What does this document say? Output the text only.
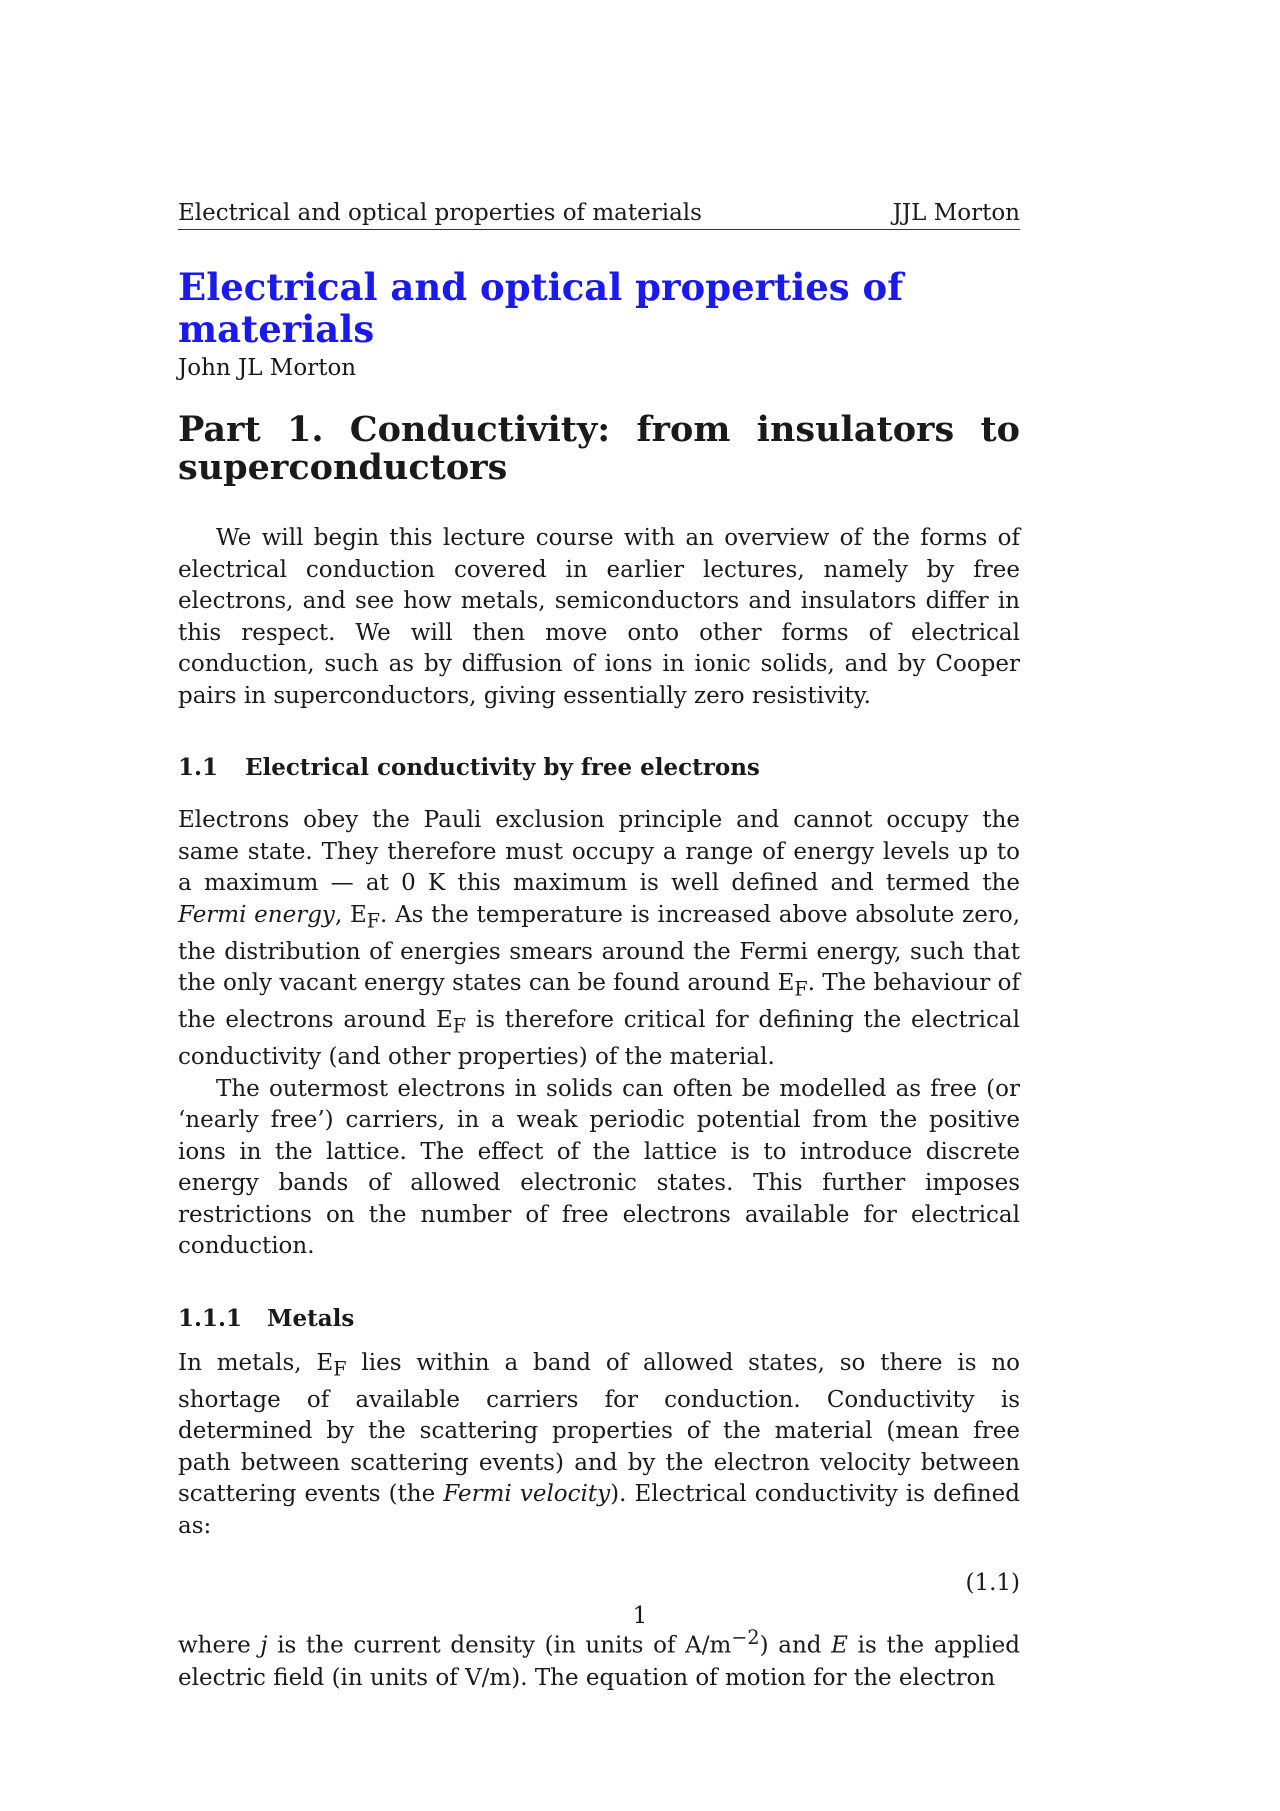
Electrical and optical properties of materials	JJL Morton
Electrical and optical properties of materials
John JL Morton
Part 1. Conductivity: from insulators to superconductors

We will begin this lecture course with an overview of the forms of electrical conduction covered in earlier lectures, namely by free electrons, and see how metals, semiconductors and insulators differ in this respect. We will then move onto other forms of electrical conduction, such as by diffusion of ions in ionic solids, and by Cooper pairs in superconductors, giving essentially zero resistivity.

1.1	Electrical conductivity by free electrons

Electrons obey the Pauli exclusion principle and cannot occupy the same state. They therefore must occupy a range of energy levels up to a maximum — at 0 K this maximum is well defined and termed the Fermi energy, $E_F$. As the temperature is increased above absolute zero, the distribution of energies smears around the Fermi energy, such that the only vacant energy states can be found around $E_F$. The behaviour of the electrons around $E_F$ is therefore critical for defining the electrical conductivity (and other properties) of the material.

The outermost electrons in solids can often be modelled as free (or ‘nearly free’) carriers, in a weak periodic potential from the positive ions in the lattice. The effect of the lattice is to introduce discrete energy bands of allowed electronic states. This further imposes restrictions on the number of free electrons available for electrical conduction.

1.1.1	Metals

In metals, $E_F$ lies within a band of allowed states, so there is no shortage of available carriers for conduction. Conductivity is determined by the scattering properties of the material (mean free path between scattering events) and by the electron velocity between scattering events (the Fermi velocity). Electrical conductivity is defined as:

(1.1)

where j is the current density (in units of $A/m^{-2}$) and E is the applied electric field (in units of V/m). The equation of motion for the electron

1
